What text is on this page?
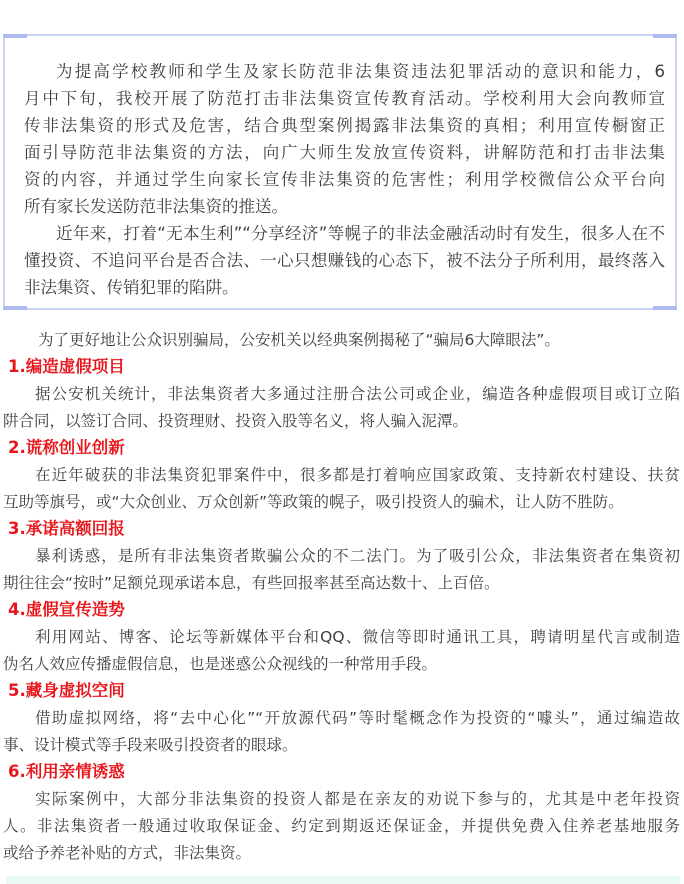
为提高学校教师和学生及家长防范非法集资违法犯罪活动的意识和能力，6
月中下旬，我校开展了防范打击非法集资宣传教育活动。学校利用大会向教师宣
传非法集资的形式及危害，结合典型案例揭露非法集资的真相；利用宣传橱窗正
面引导防范非法集资的方法，向广大师生发放宣传资料，讲解防范和打击非法集
资的内容，并通过学生向家长宣传非法集资的危害性；利用学校微信公众平台向
所有家长发送防范非法集资的推送。
近年来，打着“无本生利”“分享经济”等幌子的非法金融活动时有发生，很多人在不
懂投资、不追问平台是否合法、一心只想赚钱的心态下，被不法分子所利用，最终落入
非法集资、传销犯罪的陷阱。
为了更好地让公众识别骗局，公安机关以经典案例揭秘了“骗局6大障眼法”。
1.编造虚假项目
据公安机关统计，非法集资者大多通过注册合法公司或企业，编造各种虚假项目或订立陷
阱合同，以签订合同、投资理财、投资入股等名义，将人骗入泥潭。
2.谎称创业创新
在近年破获的非法集资犯罪案件中，很多都是打着响应国家政策、支持新农村建设、扶贫
互助等旗号，或“大众创业、万众创新”等政策的幌子，吸引投资人的骗术，让人防不胜防。
3.承诺高额回报
暴利诱惑，是所有非法集资者欺骗公众的不二法门。为了吸引公众，非法集资者在集资初
期往往会“按时”足额兑现承诺本息，有些回报率甚至高达数十、上百倍。
4.虚假宣传造势
利用网站、博客、论坛等新媒体平台和QQ、微信等即时通讯工具，聘请明星代言或制造
伪名人效应传播虚假信息，也是迷惑公众视线的一种常用手段。
5.藏身虚拟空间
借助虚拟网络，将“去中心化”“开放源代码”等时髦概念作为投资的“噱头”，通过编造故
事、设计模式等手段来吸引投资者的眼球。
6.利用亲情诱惑
实际案例中，大部分非法集资的投资人都是在亲友的劝说下参与的，尤其是中老年投资
人。非法集资者一般通过收取保证金、约定到期返还保证金，并提供免费入住养老基地服务
或给予养老补贴的方式，非法集资。
